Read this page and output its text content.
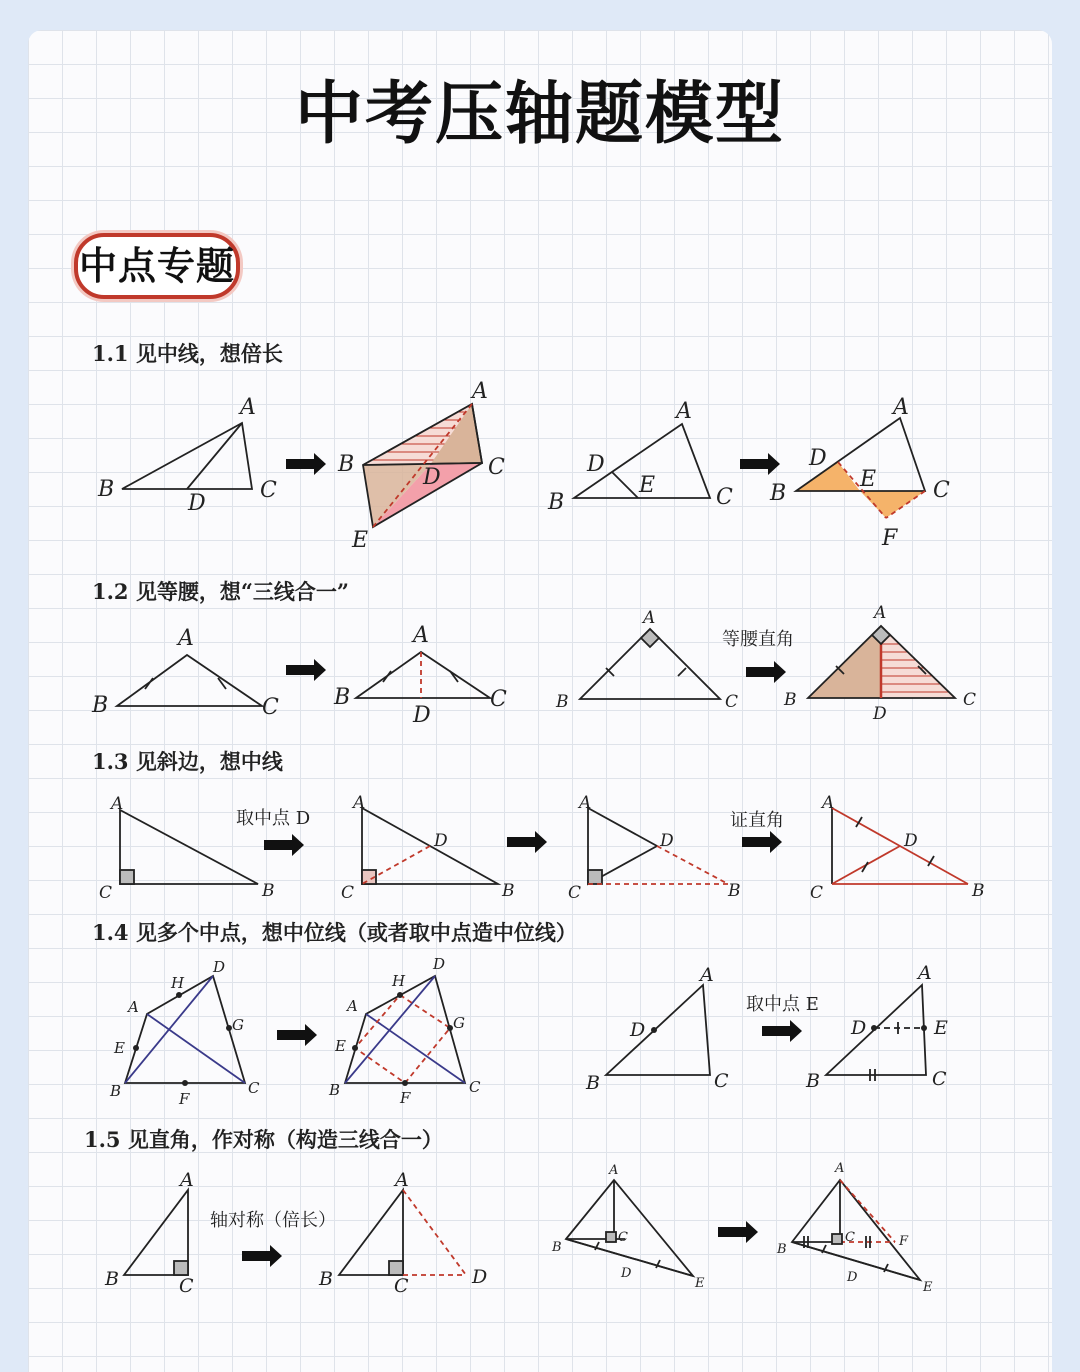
中考压轴题模型
中点专题
1.1 见中线，想倍长
1.2 见等腰，想“三线合一”
1.3 见斜边，想中线
1.4 见多个中点，想中位线（或者取中点造中位线）
1.5 见直角，作对称（构造三线合一）
A
B
D
C
A
B
D C
E
A
D
E
B	C
A
D
E
B	C
F
A
B	C
A
B
D
C
A
B	C
A
B
D
C
A
C	B
A
C
D
B
A
C
D
B
A
C
D
B
D
H
A
G
E
B	C
F
D
H
A
G
E
B	C
F
A
D
B	C
A
D	E
B	C
A
B	C
A
B	C	D
A
B
C
D
E
A
B
C	F
D
E
等腰直角
取中点 D	证直角
取中点 E
轴对称（倍长）
